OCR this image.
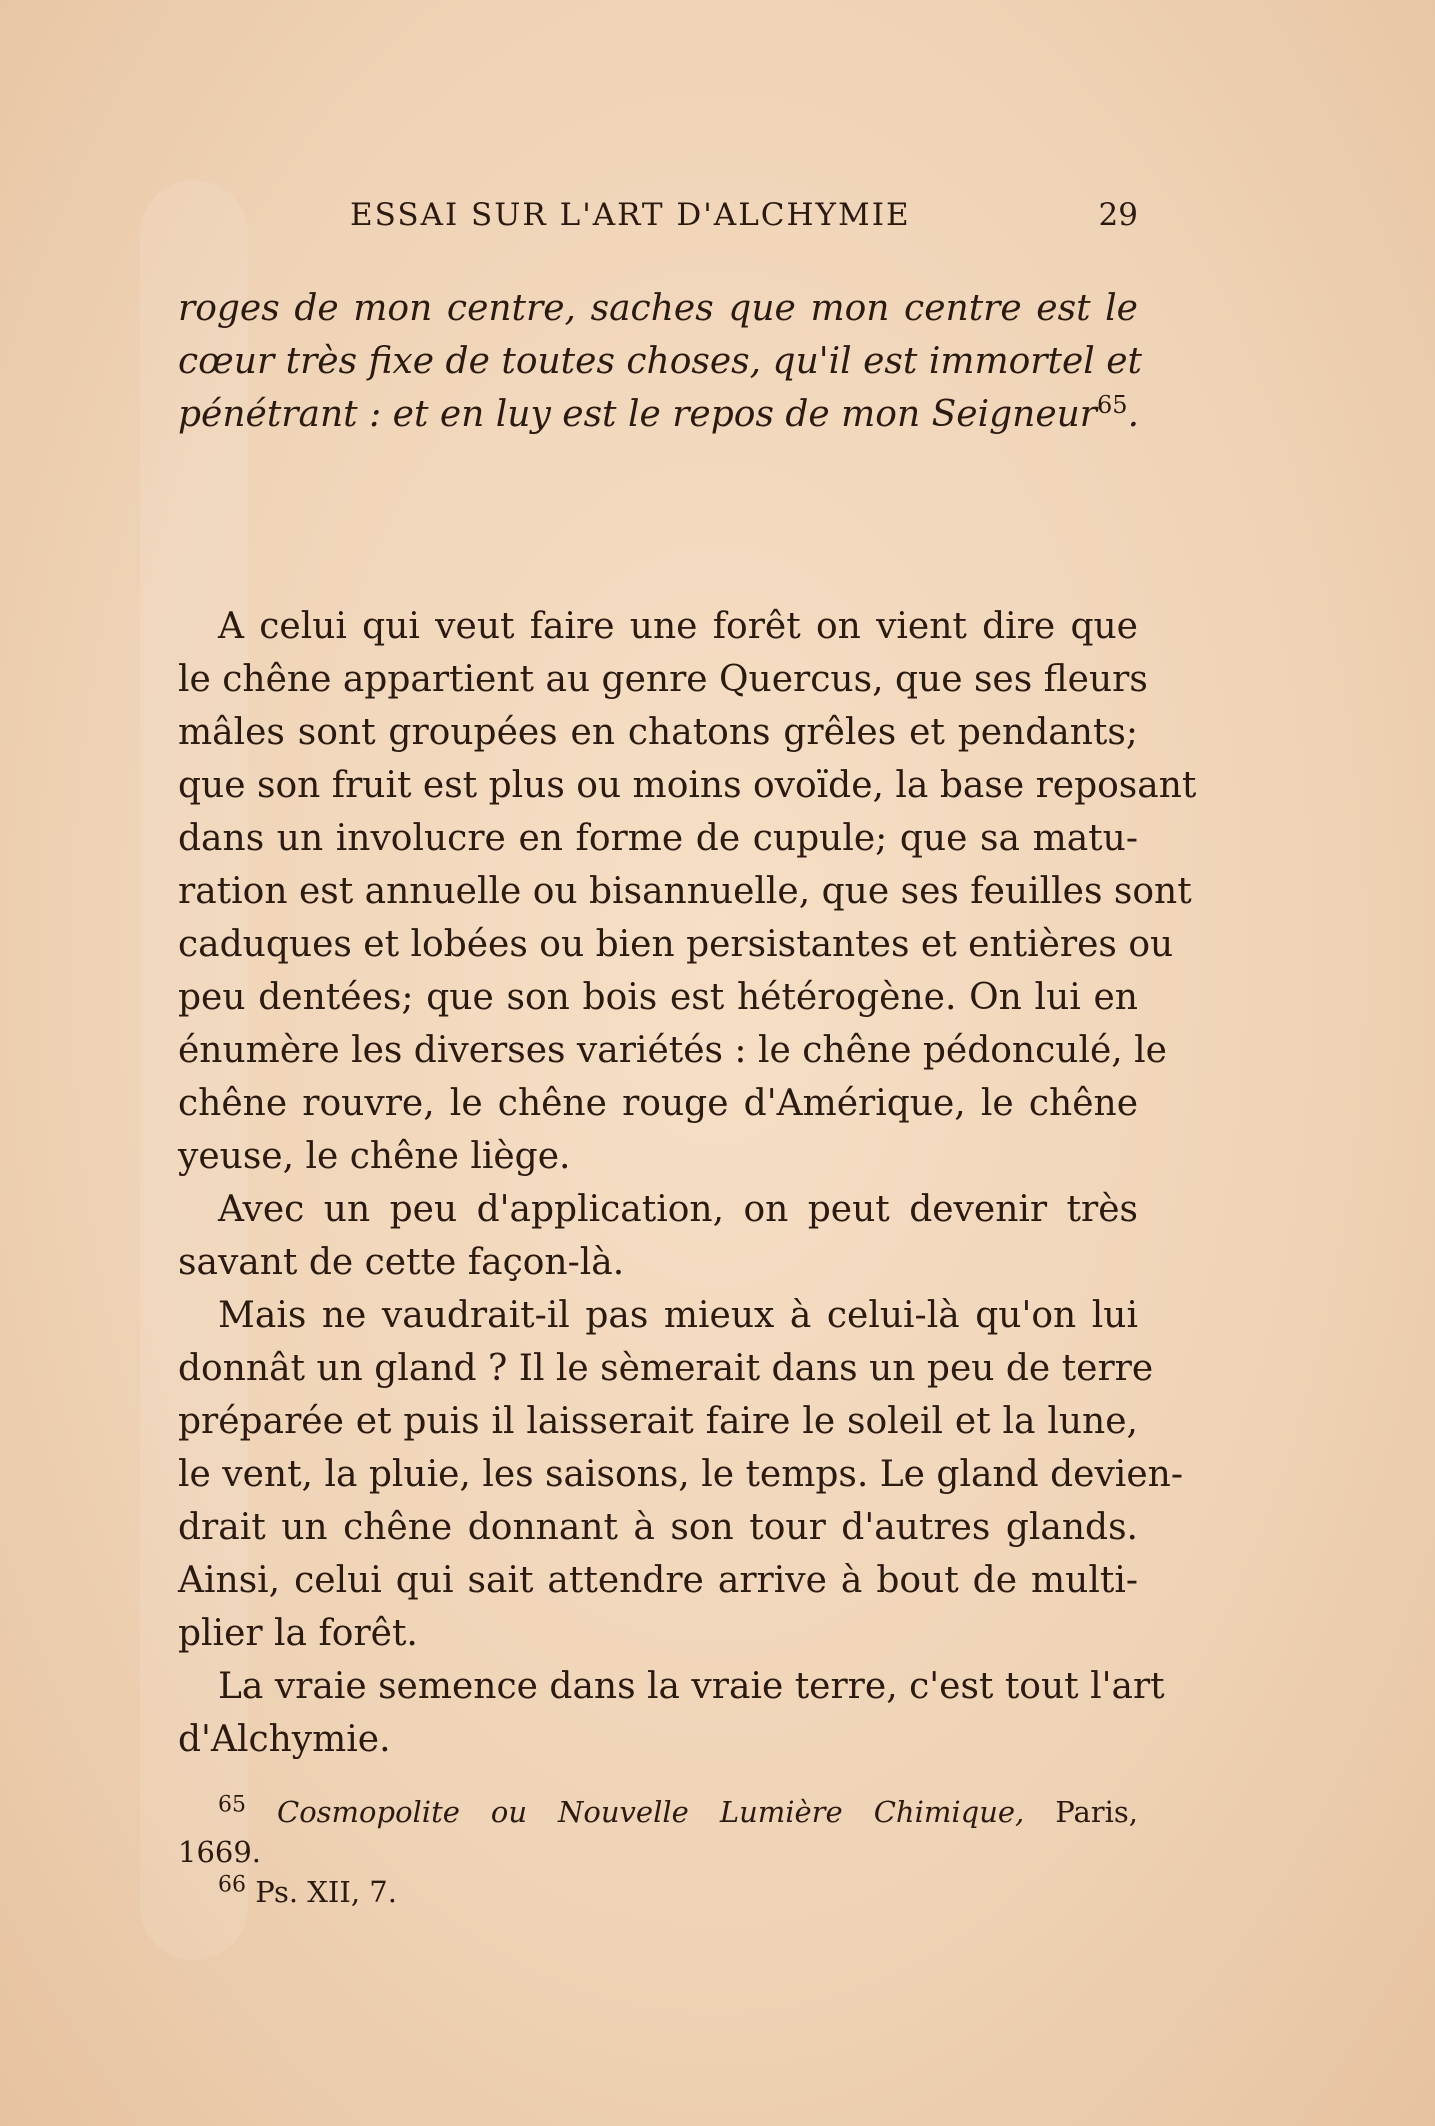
ESSAI SUR L'ART D'ALCHYMIE	29
roges de mon centre, saches que mon centre est le
cœur très fixe de toutes choses, qu'il est immortel et
pénétrant : et en luy est le repos de mon Seigneur$^{65}$.
A celui qui veut faire une forêt on vient dire que
le chêne appartient au genre Quercus, que ses fleurs
mâles sont groupées en chatons grêles et pendants;
que son fruit est plus ou moins ovoïde, la base reposant
dans un involucre en forme de cupule; que sa matu-
ration est annuelle ou bisannuelle, que ses feuilles sont
caduques et lobées ou bien persistantes et entières ou
peu dentées; que son bois est hétérogène. On lui en
énumère les diverses variétés : le chêne pédonculé, le
chêne rouvre, le chêne rouge d'Amérique, le chêne
yeuse, le chêne liège.
Avec un peu d'application, on peut devenir très
savant de cette façon-là.
Mais ne vaudrait-il pas mieux à celui-là qu'on lui
donnât un gland ? Il le sèmerait dans un peu de terre
préparée et puis il laisserait faire le soleil et la lune,
le vent, la pluie, les saisons, le temps. Le gland devien-
drait un chêne donnant à son tour d'autres glands.
Ainsi, celui qui sait attendre arrive à bout de multi-
plier la forêt.
La vraie semence dans la vraie terre, c'est tout l'art
d'Alchymie.
$^{65}$ Cosmopolite ou Nouvelle Lumière Chimique, Paris,
1669.
$^{66}$ Ps. XII, 7.
